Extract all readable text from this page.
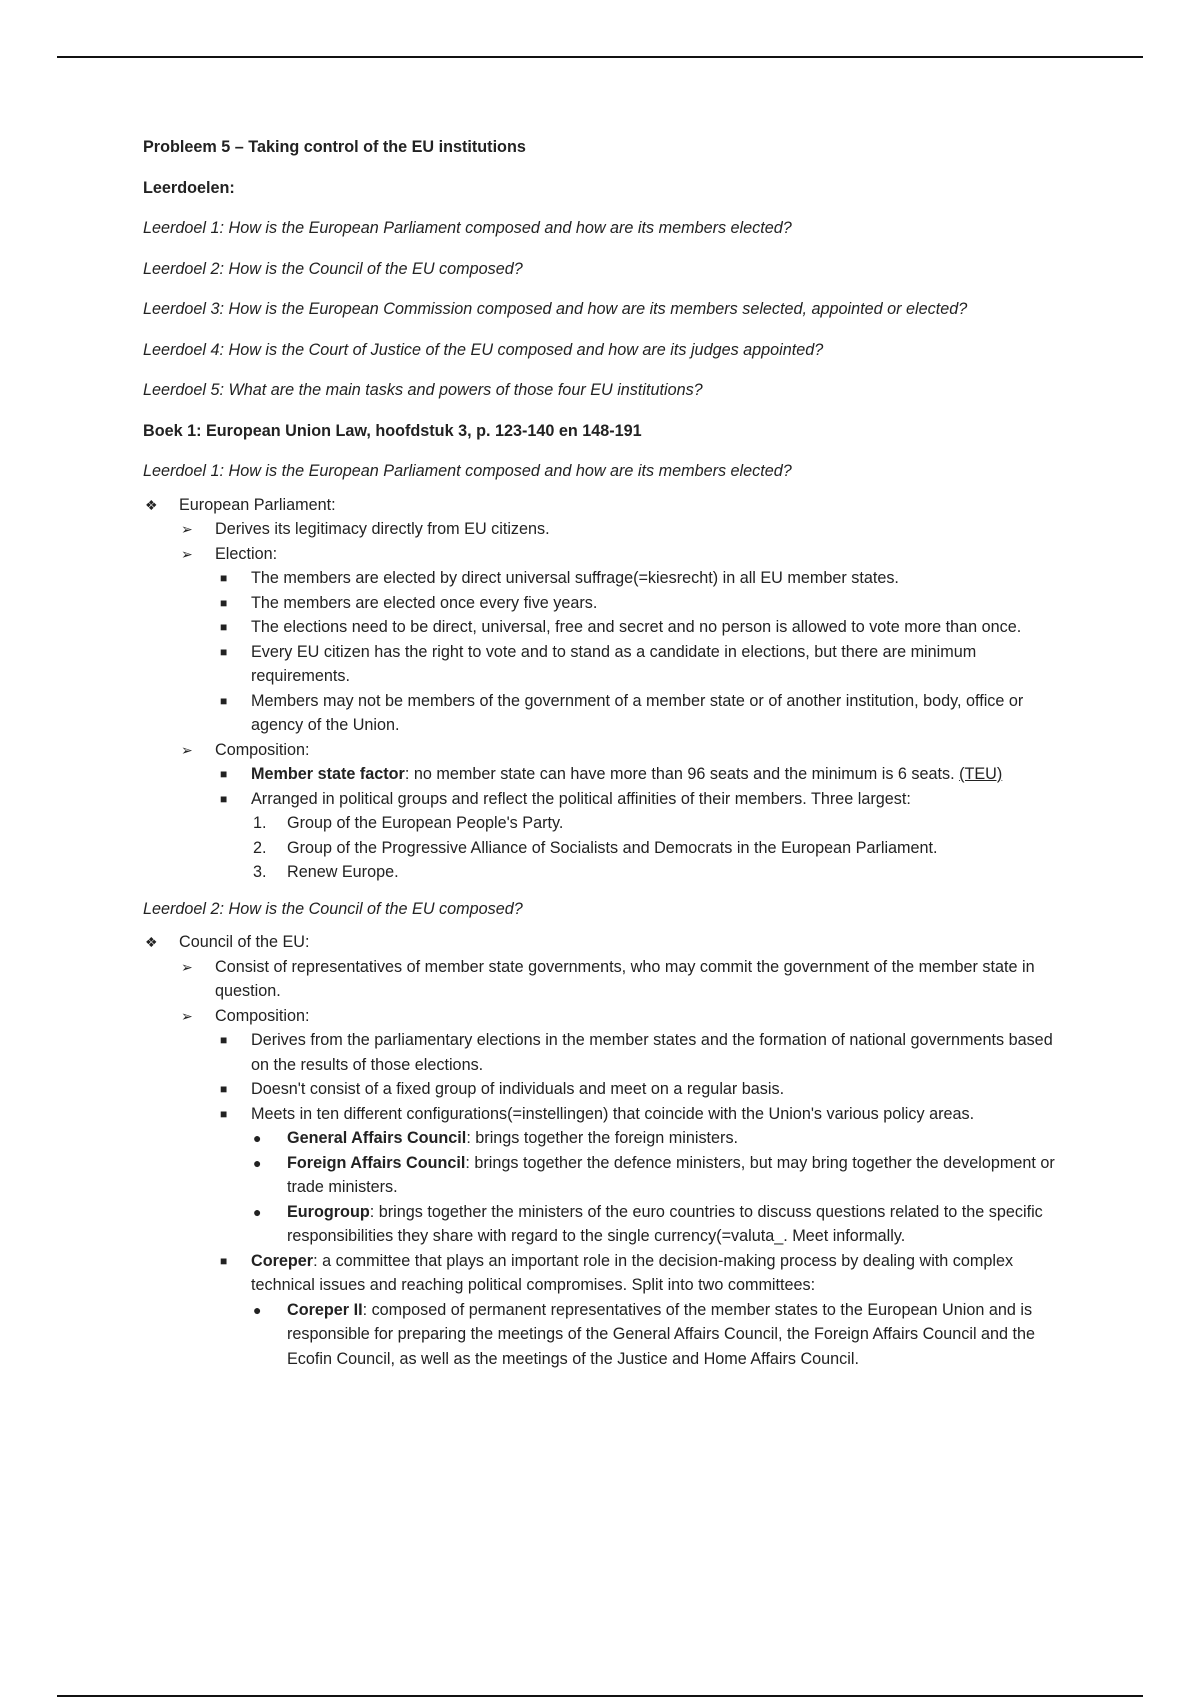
Probleem 5 – Taking control of the EU institutions
Leerdoelen:
Leerdoel 1: How is the European Parliament composed and how are its members elected?
Leerdoel 2: How is the Council of the EU composed?
Leerdoel 3: How is the European Commission composed and how are its members selected, appointed or elected?
Leerdoel 4: How is the Court of Justice of the EU composed and how are its judges appointed?
Leerdoel 5: What are the main tasks and powers of those four EU institutions?
Boek 1: European Union Law, hoofdstuk 3, p. 123-140 en 148-191
Leerdoel 1: How is the European Parliament composed and how are its members elected?
❖ European Parliament:
➢ Derives its legitimacy directly from EU citizens.
➢ Election:
■ The members are elected by direct universal suffrage(=kiesrecht) in all EU member states.
■ The members are elected once every five years.
■ The elections need to be direct, universal, free and secret and no person is allowed to vote more than once.
■ Every EU citizen has the right to vote and to stand as a candidate in elections, but there are minimum requirements.
■ Members may not be members of the government of a member state or of another institution, body, office or agency of the Union.
➢ Composition:
■ Member state factor: no member state can have more than 96 seats and the minimum is 6 seats. (TEU)
■ Arranged in political groups and reflect the political affinities of their members. Three largest:
1. Group of the European People's Party.
2. Group of the Progressive Alliance of Socialists and Democrats in the European Parliament.
3. Renew Europe.
Leerdoel 2: How is the Council of the EU composed?
❖ Council of the EU:
➢ Consist of representatives of member state governments, who may commit the government of the member state in question.
➢ Composition:
■ Derives from the parliamentary elections in the member states and the formation of national governments based on the results of those elections.
■ Doesn't consist of a fixed group of individuals and meet on a regular basis.
■ Meets in ten different configurations(=instellingen) that coincide with the Union's various policy areas.
● General Affairs Council: brings together the foreign ministers.
● Foreign Affairs Council: brings together the defence ministers, but may bring together the development or trade ministers.
● Eurogroup: brings together the ministers of the euro countries to discuss questions related to the specific responsibilities they share with regard to the single currency(=valuta_. Meet informally.
■ Coreper: a committee that plays an important role in the decision-making process by dealing with complex technical issues and reaching political compromises. Split into two committees:
● Coreper II: composed of permanent representatives of the member states to the European Union and is responsible for preparing the meetings of the General Affairs Council, the Foreign Affairs Council and the Ecofin Council, as well as the meetings of the Justice and Home Affairs Council.
